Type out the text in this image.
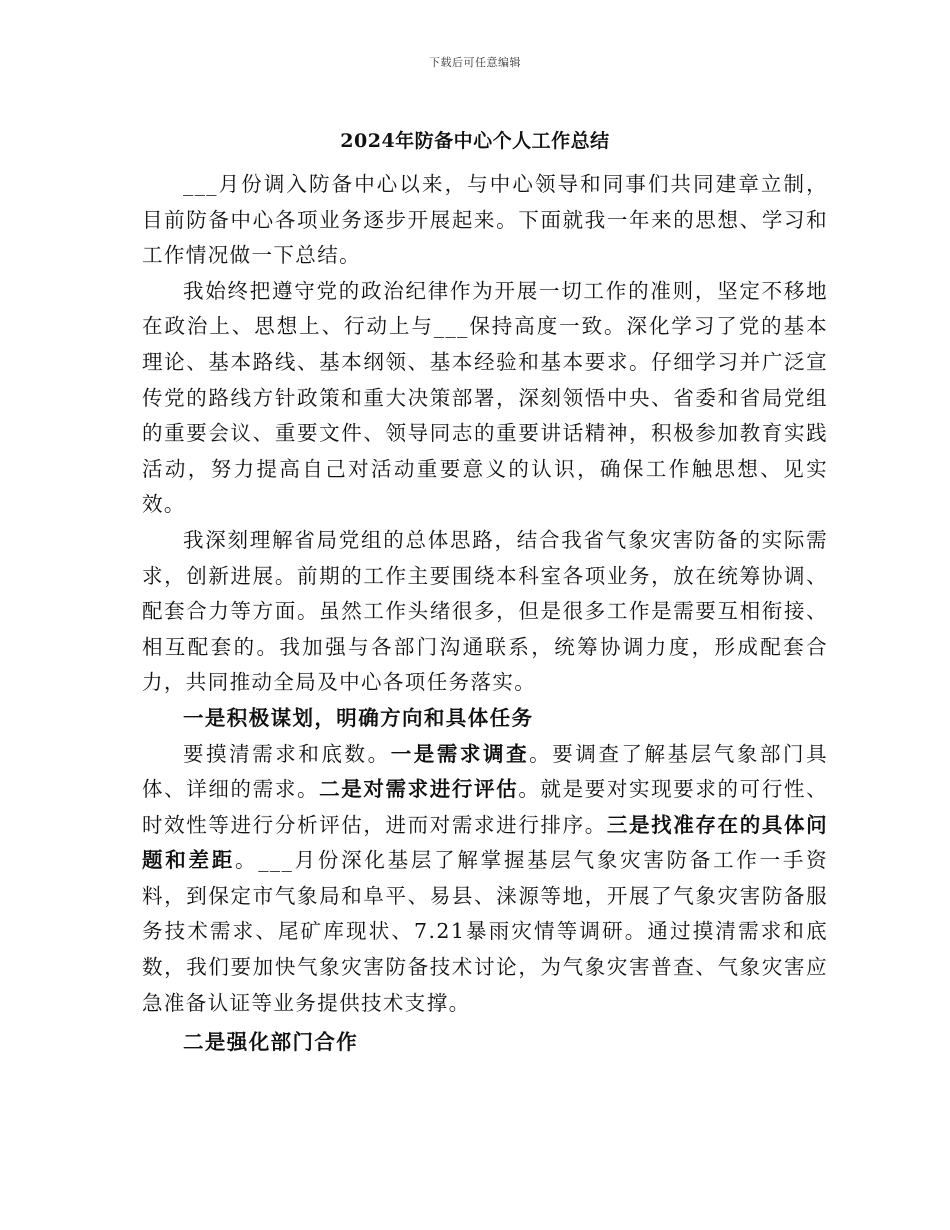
下载后可任意编辑
2024年防备中心个人工作总结

___月份调入防备中心以来，与中心领导和同事们共同建章立制，目前防备中心各项业务逐步开展起来。下面就我一年来的思想、学习和工作情况做一下总结。

我始终把遵守党的政治纪律作为开展一切工作的准则，坚定不移地在政治上、思想上、行动上与___保持高度一致。深化学习了党的基本理论、基本路线、基本纲领、基本经验和基本要求。仔细学习并广泛宣传党的路线方针政策和重大决策部署，深刻领悟中央、省委和省局党组的重要会议、重要文件、领导同志的重要讲话精神，积极参加教育实践活动，努力提高自己对活动重要意义的认识，确保工作触思想、见实效。

我深刻理解省局党组的总体思路，结合我省气象灾害防备的实际需求，创新进展。前期的工作主要围绕本科室各项业务，放在统筹协调、配套合力等方面。虽然工作头绪很多，但是很多工作是需要互相衔接、相互配套的。我加强与各部门沟通联系，统筹协调力度，形成配套合力，共同推动全局及中心各项任务落实。

一是积极谋划，明确方向和具体任务

要摸清需求和底数。一是需求调查。要调查了解基层气象部门具体、详细的需求。二是对需求进行评估。就是要对实现要求的可行性、时效性等进行分析评估，进而对需求进行排序。三是找准存在的具体问题和差距。___月份深化基层了解掌握基层气象灾害防备工作一手资料，到保定市气象局和阜平、易县、涞源等地，开展了气象灾害防备服务技术需求、尾矿库现状、7.21暴雨灾情等调研。通过摸清需求和底数，我们要加快气象灾害防备技术讨论，为气象灾害普查、气象灾害应急准备认证等业务提供技术支撑。

二是强化部门合作
